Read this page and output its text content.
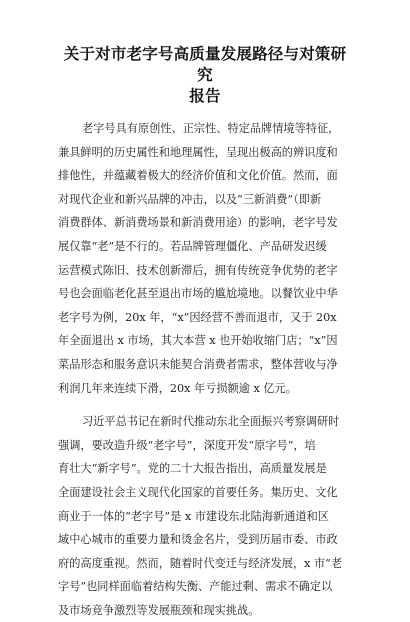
关于对市老字号高质量发展路径与对策研究
报告
老字号具有原创性、正宗性、特定品牌情境等特征，
兼具鲜明的历史属性和地理属性，呈现出极高的辨识度和
排他性，并蕴藏着极大的经济价值和文化价值。然而，面
对现代企业和新兴品牌的冲击，以及“三新消费”（即新
消费群体、新消费场景和新消费用途）的影响，老字号发
展仅靠“老”是不行的。若品牌管理僵化、产品研发迟缓
运营模式陈旧、技术创新滞后，拥有传统竞争优势的老字
号也会面临老化甚至退出市场的尴尬境地。以餐饮业中华
老字号为例，20x 年，“x”因经营不善而退市，又于 20x
年全面退出 x 市场，其大本营 x 也开始收缩门店；“x”因
菜品形态和服务意识未能契合消费者需求，整体营收与净
利润几年来连续下滑，20x 年亏损额逾 x 亿元。
习近平总书记在新时代推动东北全面振兴考察调研时
强调，要改造升级“老字号”，深度开发“原字号”，培
育壮大“新字号”。党的二十大报告指出，高质量发展是
全面建设社会主义现代化国家的首要任务。集历史、文化
商业于一体的“老字号”是 x 市建设东北陆海新通道和区
域中心城市的重要力量和烫金名片，受到历届市委、市政
府的高度重视。然而，随着时代变迁与经济发展，x 市“老
字号”也同样面临着结构失衡、产能过剩、需求不确定以
及市场竞争激烈等发展瓶颈和现实挑战。
